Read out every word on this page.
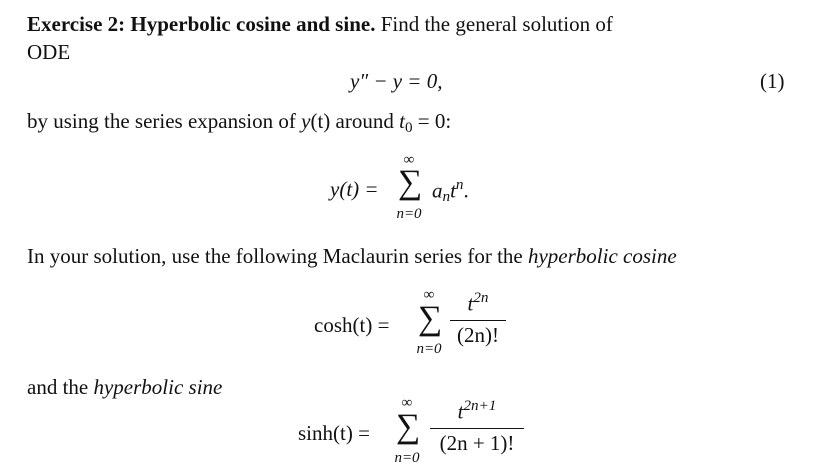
Exercise 2: Hyperbolic cosine and sine. Find the general solution of
ODE
y″ − y = 0,	(1)
by using the series expansion of y(t) around $t_0 = 0$:
y(t) =
∞
∑
n=0
$a_nt^n$.
In your solution, use the following Maclaurin series for the hyperbolic cosine
cosh(t) =
∞
∑
n=0
$t^{2n}$
(2n)!
and the hyperbolic sine
sinh(t) =
∞
∑
n=0
$t^{2n+1}$
(2n + 1)!
